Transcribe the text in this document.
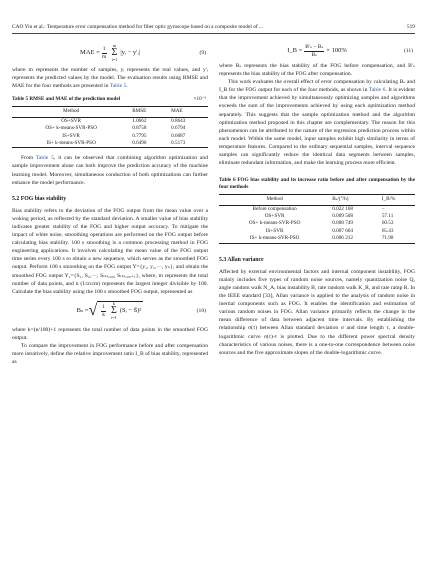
CAO Yin et al.: Temperature error compensation method for fiber optic gyroscope based on a composite model of ...	519
MAE = $\frac{1}{m}$
m
Σ
i=1
|yᵢ − y′ᵢ|	(9)

where m represents the number of samples, yᵢ represents the real values, and y′ᵢ represents the predicted values by the model. The evaluation results using RMSE and MAE for the four methods are presented in Table 5.

Table 5 RMSE and MAE of the prediction model	×10⁻³
Method	RMSE	MAE
OS+SVR	1.0662	0.8643
OS+ k-means-SVR-PSO	0.8758	0.6794
IS+SVR	0.7795	0.6087
IS+ k-means-SVR-PSO	0.6490	0.5173

From Table 5, it can be observed that combining algorithm optimization and sample improvement alone can both improve the prediction accuracy of the machine learning model. Moreover, simultaneous conduction of both optimizations can further enhance the model performance.

5.2 FOG bias stability

Bias stability refers to the deviation of the FOG output from the mean value over a woking period, as reflected by the standard deviation. A smaller value of bias stability indicates greater stability of the FOG and higher output accuracy. To mitigate the impact of white noise, smoothing operations are performed on the FOG output before calculating bias stability. 100 s smoothing is a common processing method in FOG engineering applications. It involves calculating the mean value of the FOG output time series every 100 s to obtain a new sequence, which serves as the smoothed FOG output. Perform 100 s smoothing on the FOG output Y={y₁, y₂,···, yₙ}, and obtain the smoothed FOG output Y₁={S₁, S₂,···, S₍ₖ₎₁₀₀, S₍ₖ₎₁₀₀₊₁}, where, m represents the total number of data points, and n (1≤n≤m) represents the largest integer divisible by 100. Calculate the bias stability using the 100 s smoothed FOG output, represented as

Bₛ = √ $\frac{1}{k}$
k
Σ
i=1
(Sᵢ − S̄)²	(10)

where k=(n/100)+1 represents the total number of data points in the smoothed FOG output.

To compare the improvement in FOG performance before and after compensation more intuitively, define the relative improvement ratio I_B of bias stability, represented as

I_B = $\frac{\text{B′ₛ − Bₛ}}{\text{Bₛ}} \times 100\%$	(11)

where Bₛ represents the bias stability of the FOG before compensation, and B′ₛ represents the bias stability of the FOG after compensation.

This work evaluates the overall effect of error compensation by calculating Bₛ and I_B for the FOG output for each of the four methods, as shown in Table 6. It is evident that the improvement achieved by simultaneously optimizing samples and algorithms exceeds the sum of the improvements achieved by using each optimization method separately. This suggests that the sample optimization method and the algorithm optimization method proposed in this chapter are complementary. The reason for this phenomenon can be attributed to the nature of the regression prediction process within each model. Within the same model, input samples exhibit high similarity in terms of temperature features. Compared to the ordinary sequential samples, interval sequence samples can significantly reduce the identical data segments between samples, eliminate redundant information, and make the learning process more efficient.

Table 6 FOG bias stability and its increase ratio before and after compensation by the four methods
Method	Bₛ/(°/h)	I_B/%
Before compensation	0.022 168	–
OS+SVR	0.009 508	57.11
OS+ k-means-SVR-PSO	0.008 749	60.53
IS+SVR	0.007 664	65.43
IS+ k-means-SVR-PSO	0.006 212	71.98
5.3 Allan variance

Affected by external environmental factors and internal component instability, FOG mainly includes five types of random noise sources, namely quantization noise Q, angle random walk N_A, bias instability B, rate random walk K_R, and rate ramp R. In the IEEE standard [33], Allan variance is applied to the analysis of random noise in inertial components such as FOG. It enables the identification and estimation of various random noises in FOG. Allan variance primarily reflects the change in the mean difference of data between adjacent time intervals. By establishing the relationship σ(τ) between Allan standard deviation σ and time length τ, a double-logarithmic curve σ(τ)-τ is plotted. Due to the different power spectral density characteristics of various noises, there is a one-to-one correspondence between noise sources and the five approximate slopes of the double-logarithmic curve.
